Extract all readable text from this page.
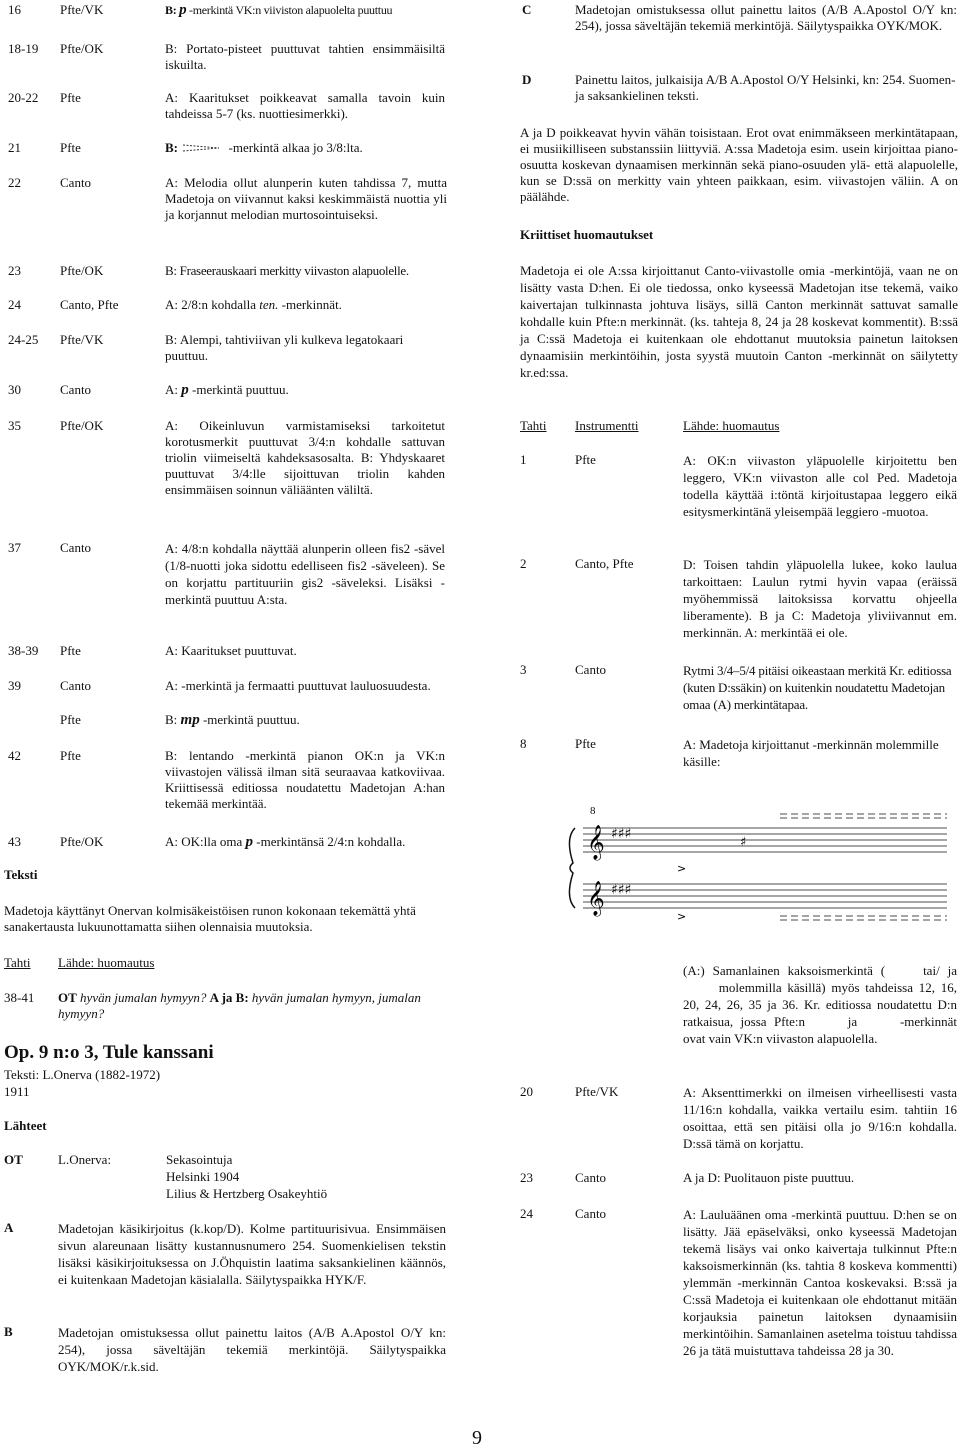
16	Pfte/VK	B: p -merkintä VK:n viiviston alapuolelta puuttuu
18-19 Pfte/OK	B: Portato-pisteet puuttuvat tahtien ensimmäisiltä iskuilta.
20-22 Pfte	A: Kaaritukset poikkeavat samalla tavoin kuin tahdeissa 5-7 (ks. nuottiesimerkki).
21	Pfte	B:	-merkintä alkaa jo 3/8:lta.
22	Canto	A: Melodia ollut alunperin kuten tahdissa 7, mutta Madetoja on viivannut kaksi keskimmäistä nuottia yli ja korjannut melodian murtosointuiseksi.
23	Pfte/OK	B: Fraseerauskaari merkitty viivaston alapuolelle.
24	Canto, Pfte	A: 2/8:n kohdalla ten. -merkinnät.
24-25 Pfte/VK	B: Alempi, tahtiviivan yli kulkeva legatokaari puuttuu.
30	Canto	A: p -merkintä puuttuu.
35	Pfte/OK	A: Oikeinluvun varmistamiseksi tarkoitetut korotusmerkit puuttuvat 3/4:n kohdalle sattuvan triolin viimeiseltä kahdeksasosalta. B: Yhdyskaaret puuttuvat 3/4:lle sijoittuvan triolin kahden ensimmäisen soinnun väliäänten väliltä.
37	Canto	A: 4/8:n kohdalla näyttää alunperin olleen fis2 -sävel (1/8-nuotti joka sidottu edelliseen fis2 -säveleen). Se on korjattu partituuriin gis2 -säveleksi. Lisäksi -merkintä puuttuu A:sta.
38-39 Pfte	A: Kaaritukset puuttuvat.
39	Canto	A: -merkintä ja fermaatti puuttuvat lauluosuudesta.
Pfte	B: mp -merkintä puuttuu.
42	Pfte	B: lentando -merkintä pianon OK:n ja VK:n viivastojen välissä ilman sitä seuraavaa katkoviivaa. Kriittisessä editiossa noudatettu Madetojan A:han tekemää merkintää.
43	Pfte/OK	A: OK:lla oma p -merkintänsä 2/4:n kohdalla.
Teksti
Madetoja käyttänyt Onervan kolmisäkeistöisen runon kokonaan tekemättä yhtä sanakertausta lukuunottamatta siihen olennaisia muutoksia.
Tahti Lähde: huomautus
38-41 OT hyvän jumalan hymyyn? A ja B: hyvän jumalan hymyyn, jumalan hymyyn?
Op. 9 n:o 3, Tule kanssani
Teksti: L.Onerva (1882-1972)
1911
Lähteet
OT	L.Onerva:	Sekasointuja
Helsinki 1904
Lilius & Hertzberg Osakeyhtiö
A	Madetojan käsikirjoitus (k.kop/D). Kolme partituurisivua. Ensimmäisen sivun alareunaan lisätty kustannusnumero 254. Suomenkielisen tekstin lisäksi käsikirjoituksessa on J.Öhquistin laatima saksankielinen käännös, ei kuitenkaan Madetojan käsialalla. Säilytyspaikka HYK/F.
B	Madetojan omistuksessa ollut painettu laitos (A/B A.Apostol O/Y kn: 254), jossa säveltäjän tekemiä merkintöjä. Säilytyspaikka OYK/MOK/r.k.sid.
C	Madetojan omistuksessa ollut painettu laitos (A/B A.Apostol O/Y kn: 254), jossa säveltäjän tekemiä merkintöjä. Säilytyspaikka OYK/MOK.
D	Painettu laitos, julkaisija A/B A.Apostol O/Y Helsinki, kn: 254. Suomen- ja saksankielinen teksti.
A ja D poikkeavat hyvin vähän toisistaan. Erot ovat enimmäkseen merkintätapaan, ei musiikilliseen substanssiin liittyviä. A:ssa Madetoja esim. usein kirjoittaa piano-osuutta koskevan dynaamisen merkinnän sekä piano-osuuden ylä- että alapuolelle, kun se D:ssä on merkitty vain yhteen paikkaan, esim. viivastojen väliin. A on päälähde.
Kriittiset huomautukset
Madetoja ei ole A:ssa kirjoittanut Canto-viivastolle omia -merkintöjä, vaan ne on lisätty vasta D:hen. Ei ole tiedossa, onko kyseessä Madetojan itse tekemä, vaiko kaivertajan tulkinnasta johtuva lisäys, sillä Canton merkinnät sattuvat samalle kohdalle kuin Pfte:n merkinnät. (ks. tahteja 8, 24 ja 28 koskevat kommentit). B:ssä ja C:ssä Madetoja ei kuitenkaan ole ehdottanut muutoksia painetun laitoksen dynaamisiin merkintöihin, josta syystä muutoin Canton -merkinnät on säilytetty kr.ed:ssa.
Tahti Instrumentti	Lähde: huomautus
1	Pfte	A: OK:n viivaston yläpuolelle kirjoitettu ben leggero, VK:n viivaston alle col Ped. Madetoja todella käyttää i:töntä kirjoitustapaa leggero eikä esitysmerkintänä yleisempää leggiero -muotoa.
2	Canto, Pfte	D: Toisen tahdin yläpuolella lukee, koko laulua tarkoittaen: Laulun rytmi hyvin vapaa (eräissä myöhemmissä laitoksissa korvattu ohjeella liberamente). B ja C: Madetoja yliviivannut em. merkinnän. A: merkintää ei ole.
3	Canto	Rytmi 3/4–5/4 pitäisi oikeastaan merkitä Kr. editiossa (kuten D:ssäkin) on kuitenkin noudatettu Madetojan omaa (A) merkintätapaa.
8	Pfte	A: Madetoja kirjoittanut -merkinnän molemmille käsille:
8
𝄞
𝄞
♯♯♯
♯♯♯
♯
>
>
(A:) Samanlainen kaksoismerkintä ( tai/ ja  molemmilla käsillä) myös tahdeissa 12, 16, 20, 24, 26, 35 ja 36. Kr. editiossa noudatettu D:n ratkaisua, jossa Pfte:n	ja  -merkinnät ovat vain VK:n viivaston alapuolella.
20	Pfte/VK	A: Aksenttimerkki on ilmeisen virheellisesti vasta 11/16:n kohdalla, vaikka vertailu esim. tahtiin 16 osoittaa, että sen pitäisi olla jo 9/16:n kohdalla. D:ssä tämä on korjattu.
23	Canto	A ja D: Puolitauon piste puuttuu.
24	Canto	A: Lauluäänen oma -merkintä puuttuu. D:hen se on lisätty. Jää epäselväksi, onko kyseessä Madetojan tekemä lisäys vai onko kaivertaja tulkinnut Pfte:n kaksoismerkinnän (ks. tahtia 8 koskeva kommentti) ylemmän -merkinnän Cantoa koskevaksi. B:ssä ja C:ssä Madetoja ei kuitenkaan ole ehdottanut mitään korjauksia painetun laitoksen dynaamisiin merkintöihin. Samanlainen asetelma toistuu tahdissa 26 ja tätä muistuttava tahdeissa 28 ja 30.
9
